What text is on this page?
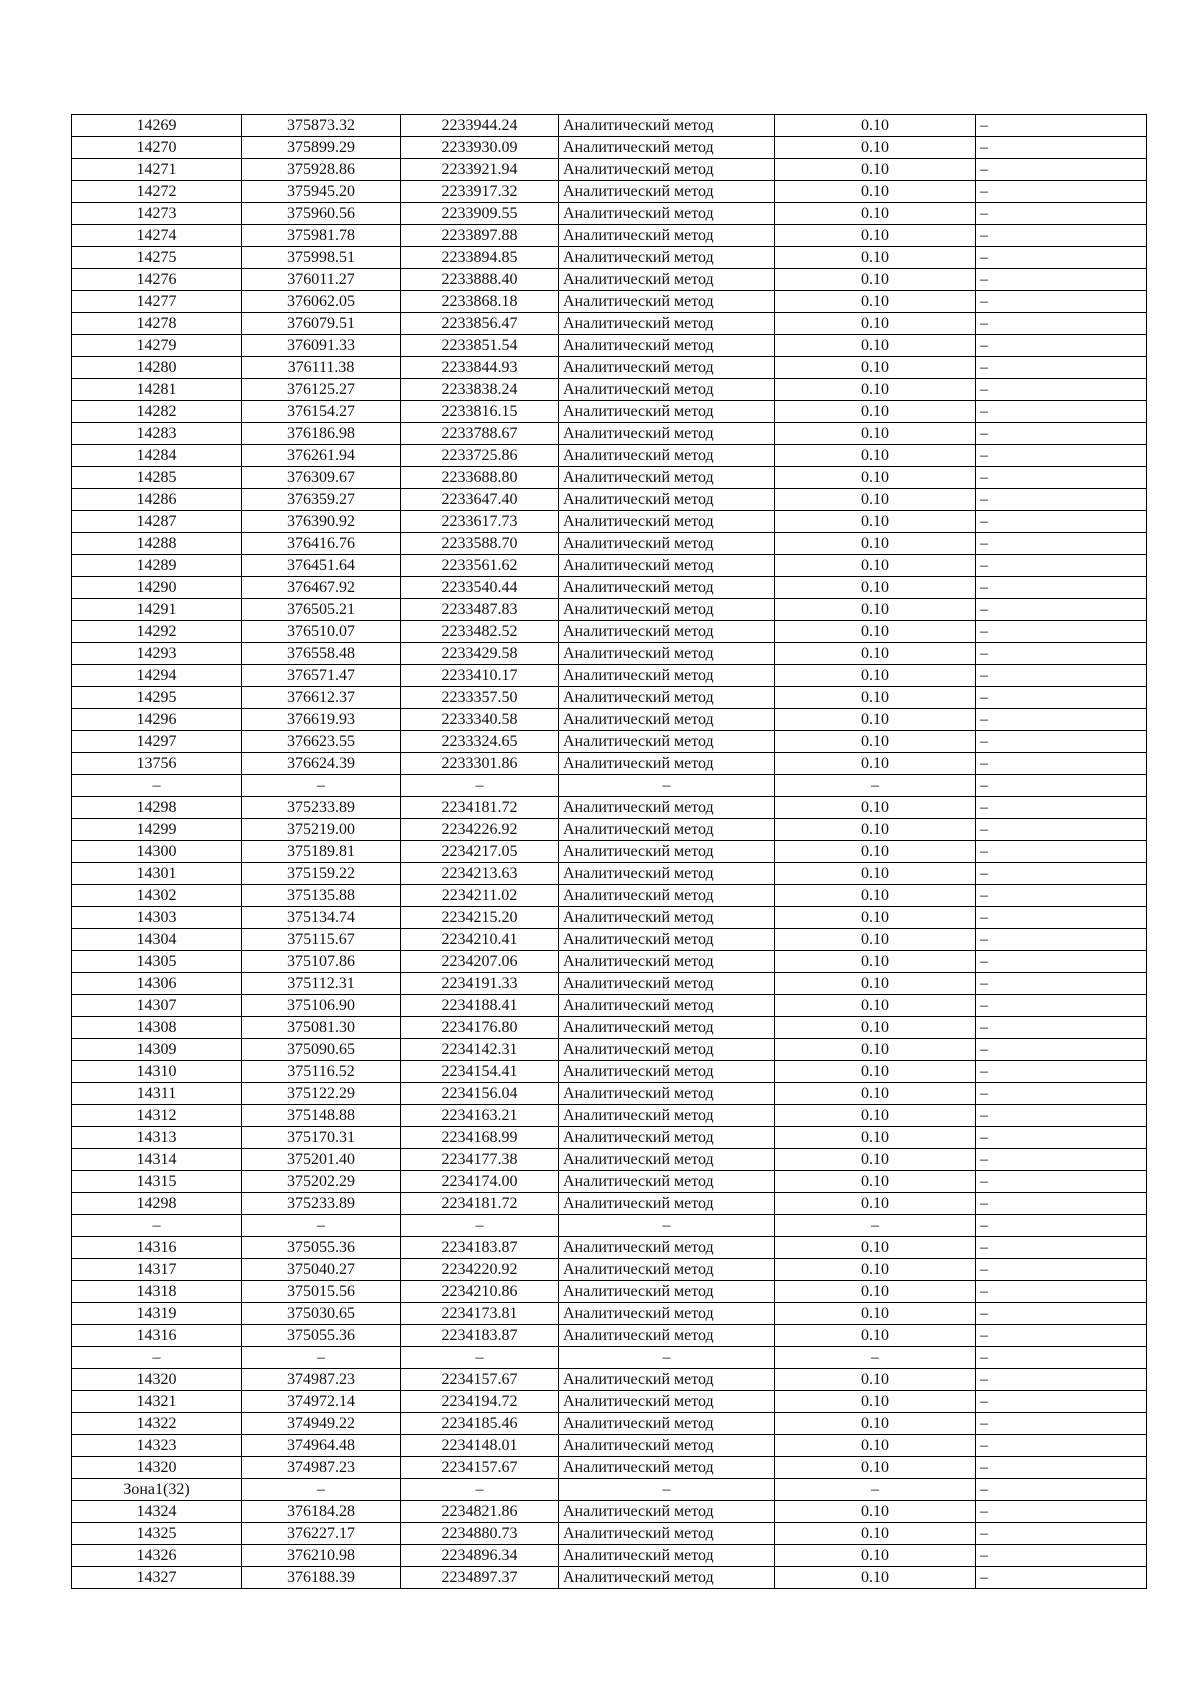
14269	375873.32	2233944.24	Аналитический метод	0.10	–
14270	375899.29	2233930.09	Аналитический метод	0.10	–
14271	375928.86	2233921.94	Аналитический метод	0.10	–
14272	375945.20	2233917.32	Аналитический метод	0.10	–
14273	375960.56	2233909.55	Аналитический метод	0.10	–
14274	375981.78	2233897.88	Аналитический метод	0.10	–
14275	375998.51	2233894.85	Аналитический метод	0.10	–
14276	376011.27	2233888.40	Аналитический метод	0.10	–
14277	376062.05	2233868.18	Аналитический метод	0.10	–
14278	376079.51	2233856.47	Аналитический метод	0.10	–
14279	376091.33	2233851.54	Аналитический метод	0.10	–
14280	376111.38	2233844.93	Аналитический метод	0.10	–
14281	376125.27	2233838.24	Аналитический метод	0.10	–
14282	376154.27	2233816.15	Аналитический метод	0.10	–
14283	376186.98	2233788.67	Аналитический метод	0.10	–
14284	376261.94	2233725.86	Аналитический метод	0.10	–
14285	376309.67	2233688.80	Аналитический метод	0.10	–
14286	376359.27	2233647.40	Аналитический метод	0.10	–
14287	376390.92	2233617.73	Аналитический метод	0.10	–
14288	376416.76	2233588.70	Аналитический метод	0.10	–
14289	376451.64	2233561.62	Аналитический метод	0.10	–
14290	376467.92	2233540.44	Аналитический метод	0.10	–
14291	376505.21	2233487.83	Аналитический метод	0.10	–
14292	376510.07	2233482.52	Аналитический метод	0.10	–
14293	376558.48	2233429.58	Аналитический метод	0.10	–
14294	376571.47	2233410.17	Аналитический метод	0.10	–
14295	376612.37	2233357.50	Аналитический метод	0.10	–
14296	376619.93	2233340.58	Аналитический метод	0.10	–
14297	376623.55	2233324.65	Аналитический метод	0.10	–
13756	376624.39	2233301.86	Аналитический метод	0.10	–
–	–	–	–	–	–
14298	375233.89	2234181.72	Аналитический метод	0.10	–
14299	375219.00	2234226.92	Аналитический метод	0.10	–
14300	375189.81	2234217.05	Аналитический метод	0.10	–
14301	375159.22	2234213.63	Аналитический метод	0.10	–
14302	375135.88	2234211.02	Аналитический метод	0.10	–
14303	375134.74	2234215.20	Аналитический метод	0.10	–
14304	375115.67	2234210.41	Аналитический метод	0.10	–
14305	375107.86	2234207.06	Аналитический метод	0.10	–
14306	375112.31	2234191.33	Аналитический метод	0.10	–
14307	375106.90	2234188.41	Аналитический метод	0.10	–
14308	375081.30	2234176.80	Аналитический метод	0.10	–
14309	375090.65	2234142.31	Аналитический метод	0.10	–
14310	375116.52	2234154.41	Аналитический метод	0.10	–
14311	375122.29	2234156.04	Аналитический метод	0.10	–
14312	375148.88	2234163.21	Аналитический метод	0.10	–
14313	375170.31	2234168.99	Аналитический метод	0.10	–
14314	375201.40	2234177.38	Аналитический метод	0.10	–
14315	375202.29	2234174.00	Аналитический метод	0.10	–
14298	375233.89	2234181.72	Аналитический метод	0.10	–
–	–	–	–	–	–
14316	375055.36	2234183.87	Аналитический метод	0.10	–
14317	375040.27	2234220.92	Аналитический метод	0.10	–
14318	375015.56	2234210.86	Аналитический метод	0.10	–
14319	375030.65	2234173.81	Аналитический метод	0.10	–
14316	375055.36	2234183.87	Аналитический метод	0.10	–
–	–	–	–	–	–
14320	374987.23	2234157.67	Аналитический метод	0.10	–
14321	374972.14	2234194.72	Аналитический метод	0.10	–
14322	374949.22	2234185.46	Аналитический метод	0.10	–
14323	374964.48	2234148.01	Аналитический метод	0.10	–
14320	374987.23	2234157.67	Аналитический метод	0.10	–
Зона1(32)	–	–	–	–	–
14324	376184.28	2234821.86	Аналитический метод	0.10	–
14325	376227.17	2234880.73	Аналитический метод	0.10	–
14326	376210.98	2234896.34	Аналитический метод	0.10	–
14327	376188.39	2234897.37	Аналитический метод	0.10	–
